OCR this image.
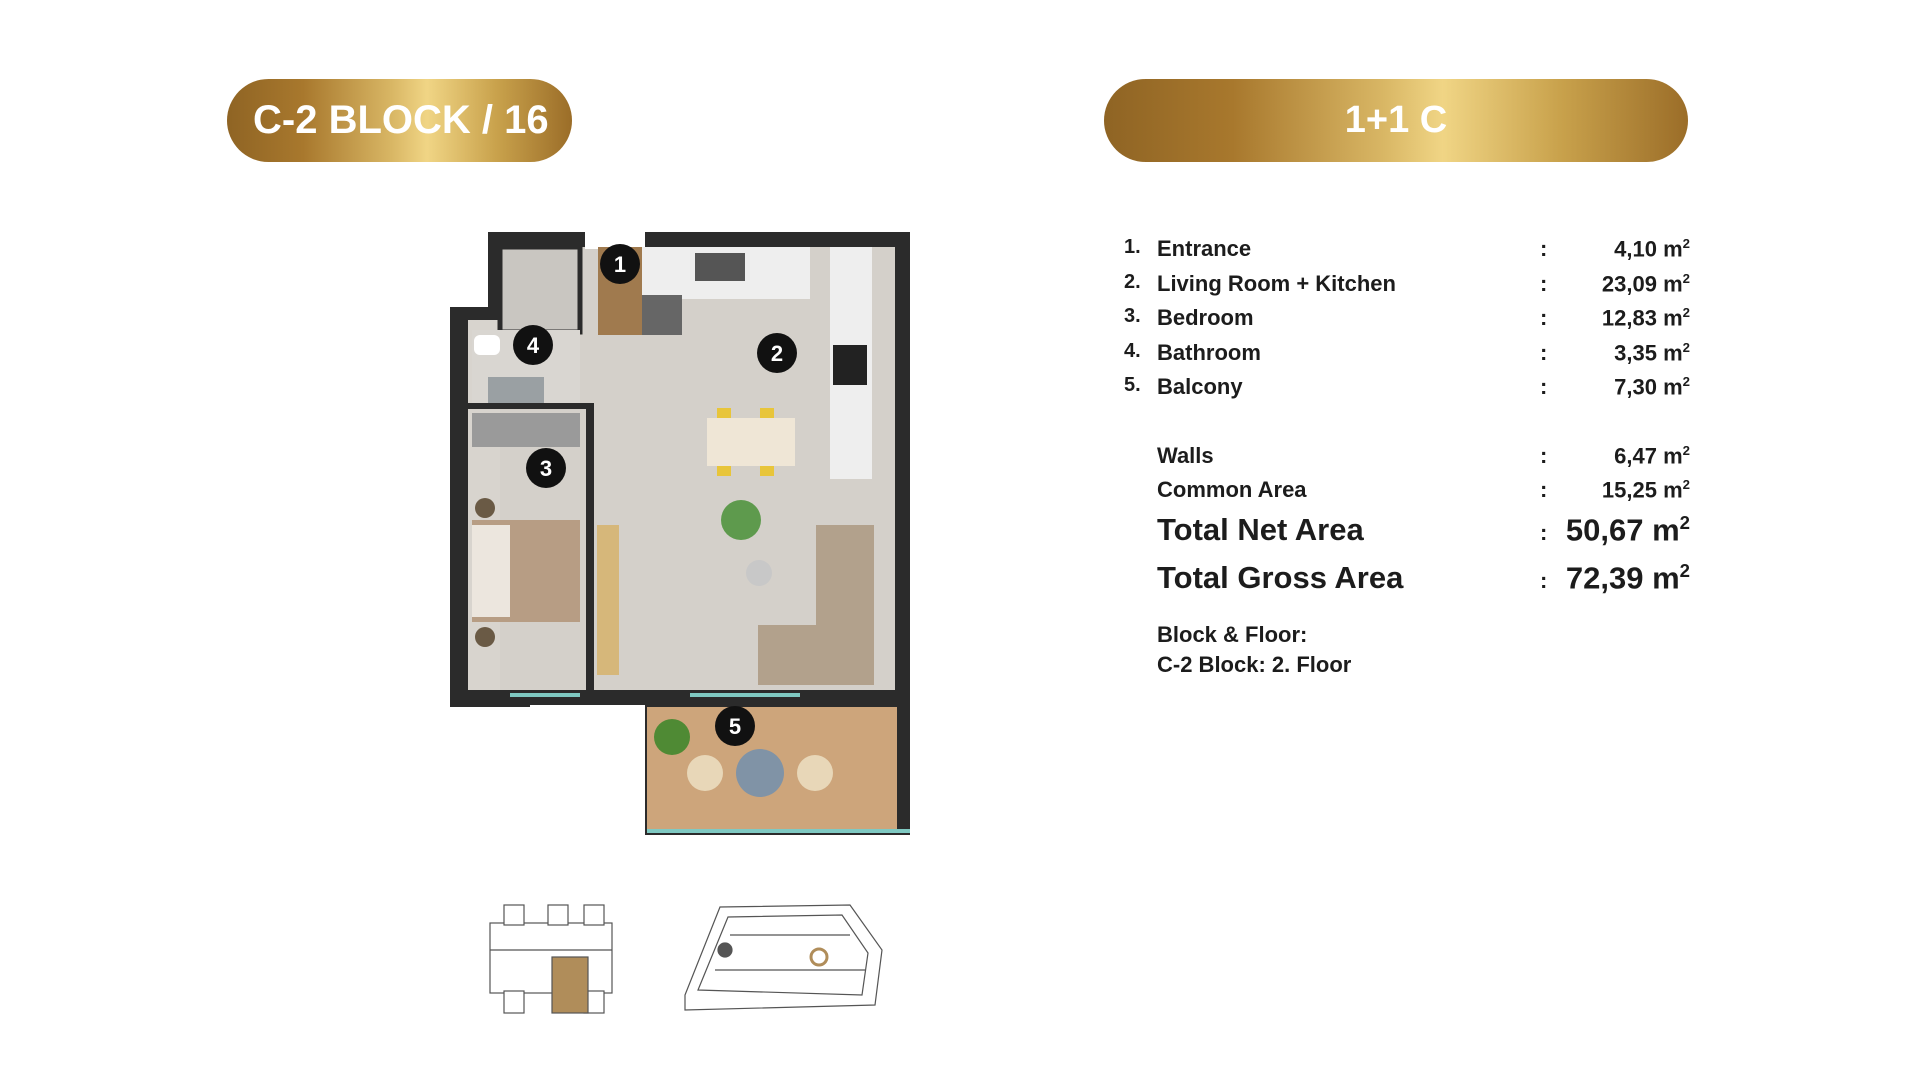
C-2 BLOCK / 16	1+1 C
1
2
3
4
5
1. Entrance	:	4,10 $m^2$
2. Living Room + Kitchen	: 23,09 $m^2$
3. Bedroom	: 12,83 $m^2$
4. Bathroom	:	3,35 $m^2$
5. Balcony	:	7,30 $m^2$
Walls	:	6,47 $m^2$
Common Area	: 15,25 $m^2$
Total Net Area	: 50,67 $m^2$
Total Gross Area	: 72,39 $m^2$
Block & Floor:
C-2 Block: 2. Floor
